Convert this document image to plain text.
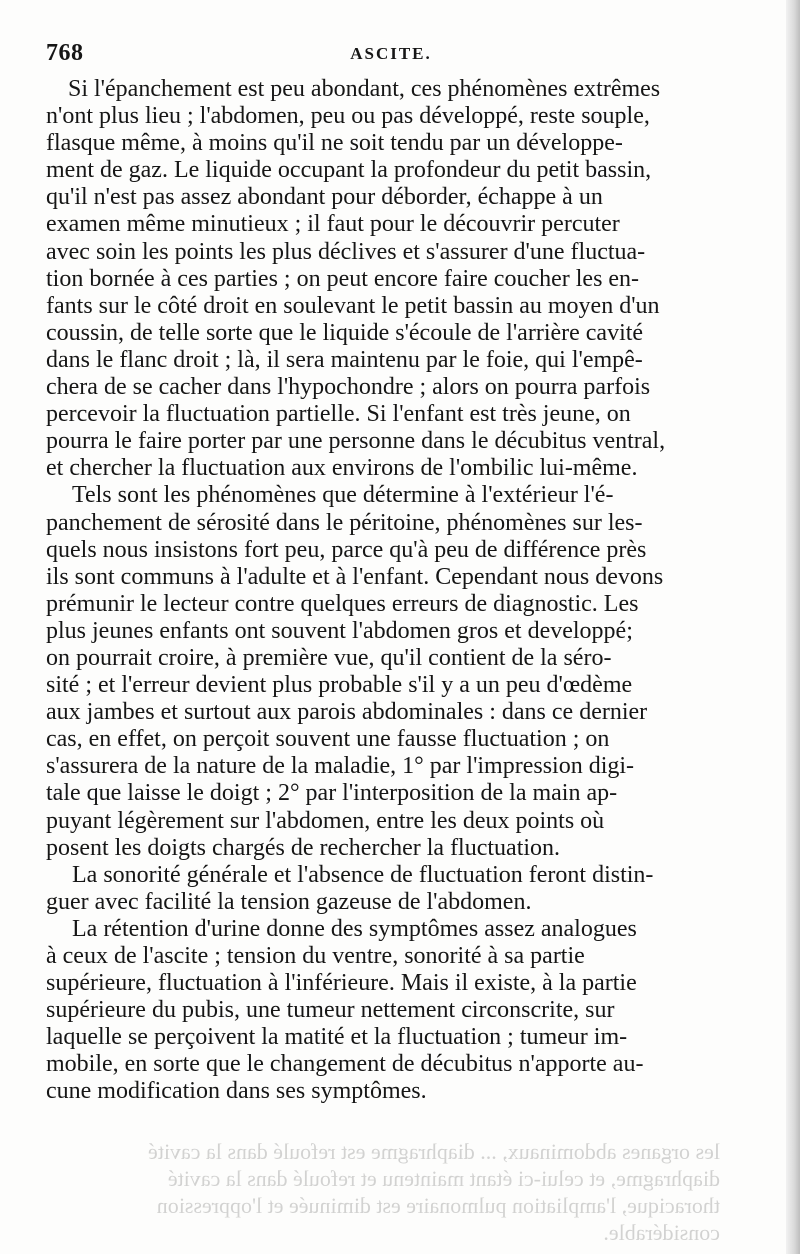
768	ASCITE.
les organes abdominaux, ... diaphragme est refoulé dans la cavité
diaphragme, et celui-ci étant maintenu et refoulé dans la cavité
thoracique, l'ampliation pulmonaire est diminuée et l'oppression
considérable.
Si l'épanchement est peu abondant, ces phénomènes extrêmes
n'ont plus lieu ; l'abdomen, peu ou pas développé, reste souple,
flasque même, à moins qu'il ne soit tendu par un développe-
ment de gaz. Le liquide occupant la profondeur du petit bassin,
qu'il n'est pas assez abondant pour déborder, échappe à un
examen même minutieux ; il faut pour le découvrir percuter
avec soin les points les plus déclives et s'assurer d'une fluctua-
tion bornée à ces parties ; on peut encore faire coucher les en-
fants sur le côté droit en soulevant le petit bassin au moyen d'un
coussin, de telle sorte que le liquide s'écoule de l'arrière cavité
dans le flanc droit ; là, il sera maintenu par le foie, qui l'empê-
chera de se cacher dans l'hypochondre ; alors on pourra parfois
percevoir la fluctuation partielle. Si l'enfant est très jeune, on
pourra le faire porter par une personne dans le décubitus ventral,
et chercher la fluctuation aux environs de l'ombilic lui-même.
Tels sont les phénomènes que détermine à l'extérieur l'é-
panchement de sérosité dans le péritoine, phénomènes sur les-
quels nous insistons fort peu, parce qu'à peu de différence près
ils sont communs à l'adulte et à l'enfant. Cependant nous devons
prémunir le lecteur contre quelques erreurs de diagnostic. Les
plus jeunes enfants ont souvent l'abdomen gros et developpé;
on pourrait croire, à première vue, qu'il contient de la séro-
sité ; et l'erreur devient plus probable s'il y a un peu d'œdème
aux jambes et surtout aux parois abdominales : dans ce dernier
cas, en effet, on perçoit souvent une fausse fluctuation ; on
s'assurera de la nature de la maladie, 1° par l'impression digi-
tale que laisse le doigt ; 2° par l'interposition de la main ap-
puyant légèrement sur l'abdomen, entre les deux points où
posent les doigts chargés de rechercher la fluctuation.
La sonorité générale et l'absence de fluctuation feront distin-
guer avec facilité la tension gazeuse de l'abdomen.
La rétention d'urine donne des symptômes assez analogues
à ceux de l'ascite ; tension du ventre, sonorité à sa partie
supérieure, fluctuation à l'inférieure. Mais il existe, à la partie
supérieure du pubis, une tumeur nettement circonscrite, sur
laquelle se perçoivent la matité et la fluctuation ; tumeur im-
mobile, en sorte que le changement de décubitus n'apporte au-
cune modification dans ses symptômes.
